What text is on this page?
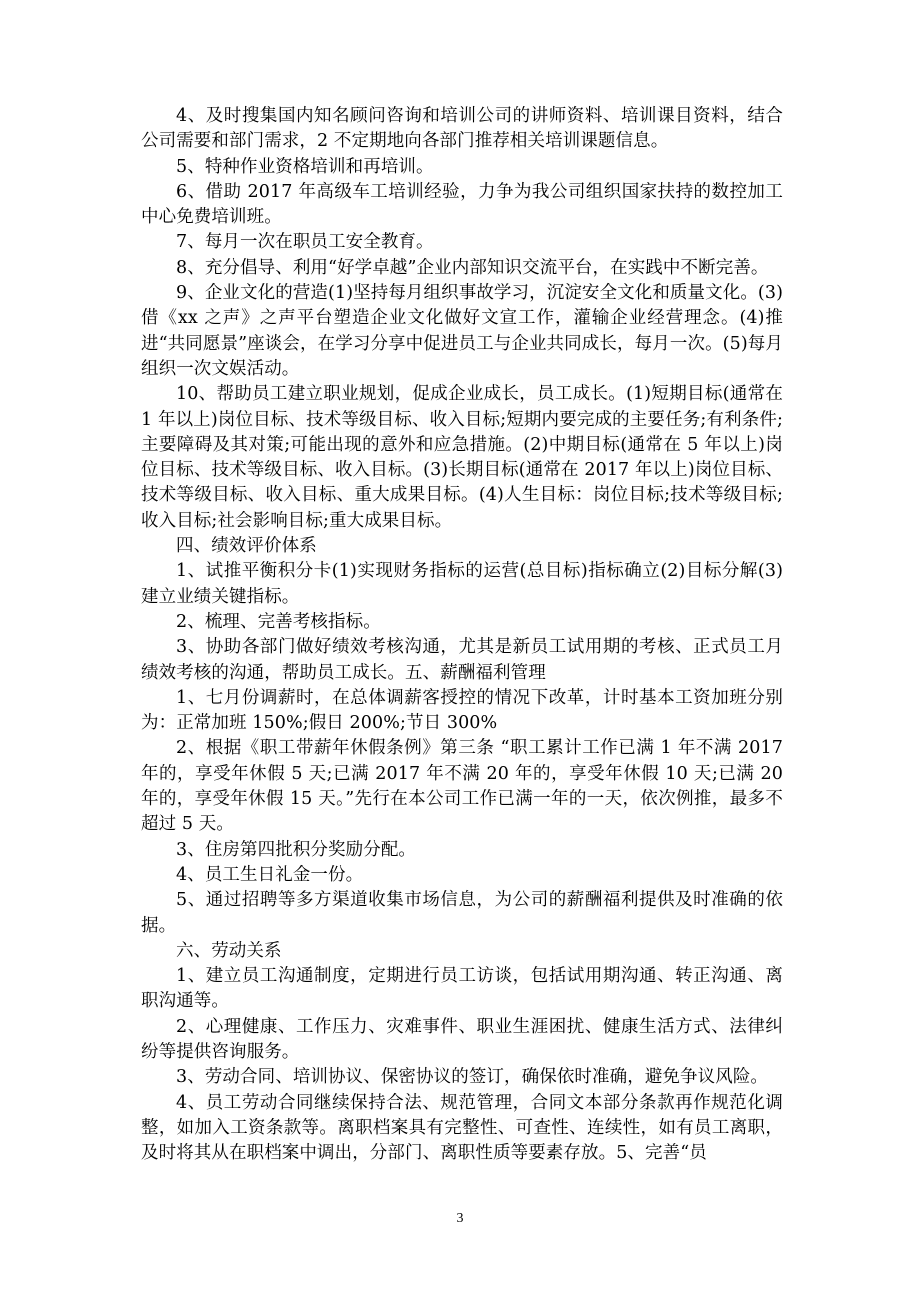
4、及时搜集国内知名顾问咨询和培训公司的讲师资料、培训课目资料，结合公司需要和部门需求，2 不定期地向各部门推荐相关培训课题信息。

5、特种作业资格培训和再培训。

6、借助 2017 年高级车工培训经验，力争为我公司组织国家扶持的数控加工中心免费培训班。

7、每月一次在职员工安全教育。

8、充分倡导、利用“好学卓越”企业内部知识交流平台，在实践中不断完善。

9、企业文化的营造(1)坚持每月组织事故学习，沉淀安全文化和质量文化。(3)借《xx 之声》之声平台塑造企业文化做好文宣工作，灌输企业经营理念。(4)推进“共同愿景”座谈会，在学习分享中促进员工与企业共同成长，每月一次。(5)每月组织一次文娱活动。

10、帮助员工建立职业规划，促成企业成长，员工成长。(1)短期目标(通常在 1 年以上)岗位目标、技术等级目标、收入目标;短期内要完成的主要任务;有利条件;主要障碍及其对策;可能出现的意外和应急措施。(2)中期目标(通常在 5 年以上)岗位目标、技术等级目标、收入目标。(3)长期目标(通常在 2017 年以上)岗位目标、技术等级目标、收入目标、重大成果目标。(4)人生目标：岗位目标;技术等级目标;收入目标;社会影响目标;重大成果目标。

四、绩效评价体系

1、试推平衡积分卡(1)实现财务指标的运营(总目标)指标确立(2)目标分解(3)建立业绩关键指标。

2、梳理、完善考核指标。

3、协助各部门做好绩效考核沟通，尤其是新员工试用期的考核、正式员工月绩效考核的沟通，帮助员工成长。五、薪酬福利管理

1、七月份调薪时，在总体调薪客授控的情况下改革，计时基本工资加班分别为：正常加班 150%;假日 200%;节日 300%

2、根据《职工带薪年休假条例》第三条 “职工累计工作已满 1 年不满 2017 年的，享受年休假 5 天;已满 2017 年不满 20 年的，享受年休假 10 天;已满 20 年的，享受年休假 15 天。”先行在本公司工作已满一年的一天，依次例推，最多不超过 5 天。

3、住房第四批积分奖励分配。

4、员工生日礼金一份。

5、通过招聘等多方渠道收集市场信息，为公司的薪酬福利提供及时准确的依据。

六、劳动关系

1、建立员工沟通制度，定期进行员工访谈，包括试用期沟通、转正沟通、离职沟通等。

2、心理健康、工作压力、灾难事件、职业生涯困扰、健康生活方式、法律纠纷等提供咨询服务。

3、劳动合同、培训协议、保密协议的签订，确保依时准确，避免争议风险。

4、员工劳动合同继续保持合法、规范管理，合同文本部分条款再作规范化调整，如加入工资条款等。离职档案具有完整性、可查性、连续性，如有员工离职，及时将其从在职档案中调出，分部门、离职性质等要素存放。5、完善“员

3
